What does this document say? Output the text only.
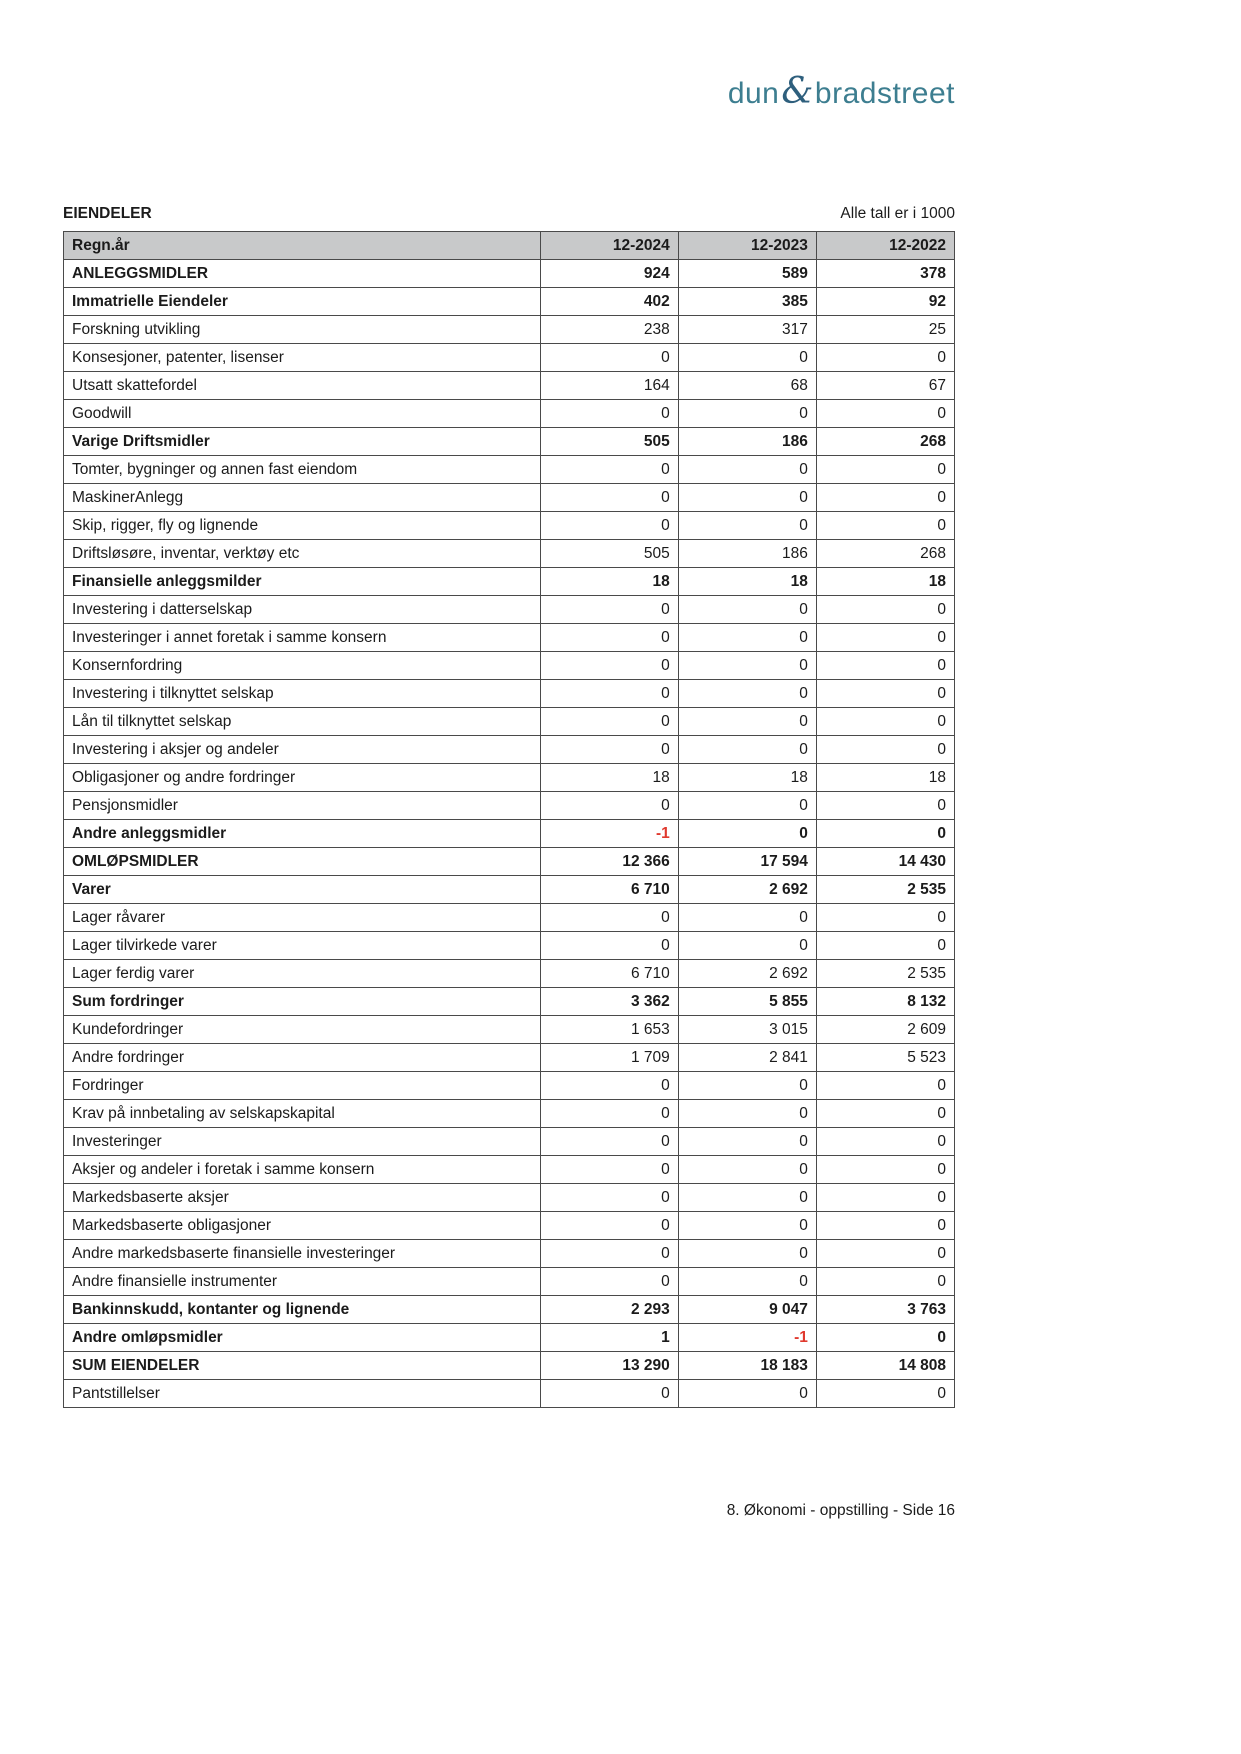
dun&bradstreet
EIENDELER	Alle tall er i 1000
Regn.år	12-2024	12-2023	12-2022
ANLEGGSMIDLER	924	589	378
Immatrielle Eiendeler	402	385	92
Forskning utvikling	238	317	25
Konsesjoner, patenter, lisenser	0	0	0
Utsatt skattefordel	164	68	67
Goodwill	0	0	0
Varige Driftsmidler	505	186	268
Tomter, bygninger og annen fast eiendom	0	0	0
MaskinerAnlegg	0	0	0
Skip, rigger, fly og lignende	0	0	0
Driftsløsøre, inventar, verktøy etc	505	186	268
Finansielle anleggsmilder	18	18	18
Investering i datterselskap	0	0	0
Investeringer i annet foretak i samme konsern	0	0	0
Konsernfordring	0	0	0
Investering i tilknyttet selskap	0	0	0
Lån til tilknyttet selskap	0	0	0
Investering i aksjer og andeler	0	0	0
Obligasjoner og andre fordringer	18	18	18
Pensjonsmidler	0	0	0
Andre anleggsmidler	-1	0	0
OMLØPSMIDLER	12 366	17 594	14 430
Varer	6 710	2 692	2 535
Lager råvarer	0	0	0
Lager tilvirkede varer	0	0	0
Lager ferdig varer	6 710	2 692	2 535
Sum fordringer	3 362	5 855	8 132
Kundefordringer	1 653	3 015	2 609
Andre fordringer	1 709	2 841	5 523
Fordringer	0	0	0
Krav på innbetaling av selskapskapital	0	0	0
Investeringer	0	0	0
Aksjer og andeler i foretak i samme konsern	0	0	0
Markedsbaserte aksjer	0	0	0
Markedsbaserte obligasjoner	0	0	0
Andre markedsbaserte finansielle investeringer	0	0	0
Andre finansielle instrumenter	0	0	0
Bankinnskudd, kontanter og lignende	2 293	9 047	3 763
Andre omløpsmidler	1	-1	0
SUM EIENDELER	13 290	18 183	14 808
Pantstillelser	0	0	0
8. Økonomi - oppstilling - Side 16
